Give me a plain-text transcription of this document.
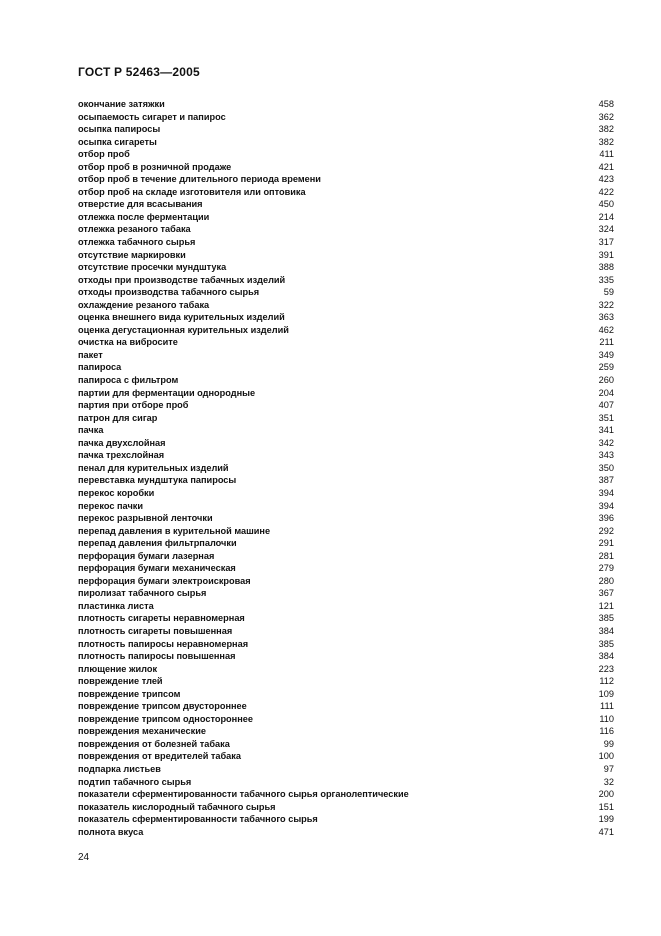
ГОСТ Р 52463—2005
окончание затяжки	458
осыпаемость сигарет и папирос	362
осыпка папиросы	382
осыпка сигареты	382
отбор проб	411
отбор проб в розничной продаже	421
отбор проб в течение длительного периода времени	423
отбор проб на складе изготовителя или оптовика	422
отверстие для всасывания	450
отлежка после ферментации	214
отлежка резаного табака	324
отлежка табачного сырья	317
отсутствие маркировки	391
отсутствие просечки мундштука	388
отходы при производстве табачных изделий	335
отходы производства табачного сырья	59
охлаждение резаного табака	322
оценка внешнего вида курительных изделий	363
оценка дегустационная курительных изделий	462
очистка на вибросите	211
пакет	349
папироса	259
папироса с фильтром	260
партии для ферментации однородные	204
партия при отборе проб	407
патрон для сигар	351
пачка	341
пачка двухслойная	342
пачка трехслойная	343
пенал для курительных изделий	350
перевставка мундштука папиросы	387
перекос коробки	394
перекос пачки	394
перекос разрывной ленточки	396
перепад давления в курительной машине	292
перепад давления фильтрпалочки	291
перфорация бумаги лазерная	281
перфорация бумаги механическая	279
перфорация бумаги электроискровая	280
пиролизат табачного сырья	367
пластинка листа	121
плотность сигареты неравномерная	385
плотность сигареты повышенная	384
плотность папиросы неравномерная	385
плотность папиросы повышенная	384
плющение жилок	223
повреждение тлей	112
повреждение трипсом	109
повреждение трипсом двустороннее	111
повреждение трипсом одностороннее	110
повреждения механические	116
повреждения от болезней табака	99
повреждения от вредителей табака	100
подпарка листьев	97
подтип табачного сырья	32
показатели сферментированности табачного сырья органолептические	200
показатель кислородный табачного сырья	151
показатель сферментированности табачного сырья	199
полнота вкуса	471
24
